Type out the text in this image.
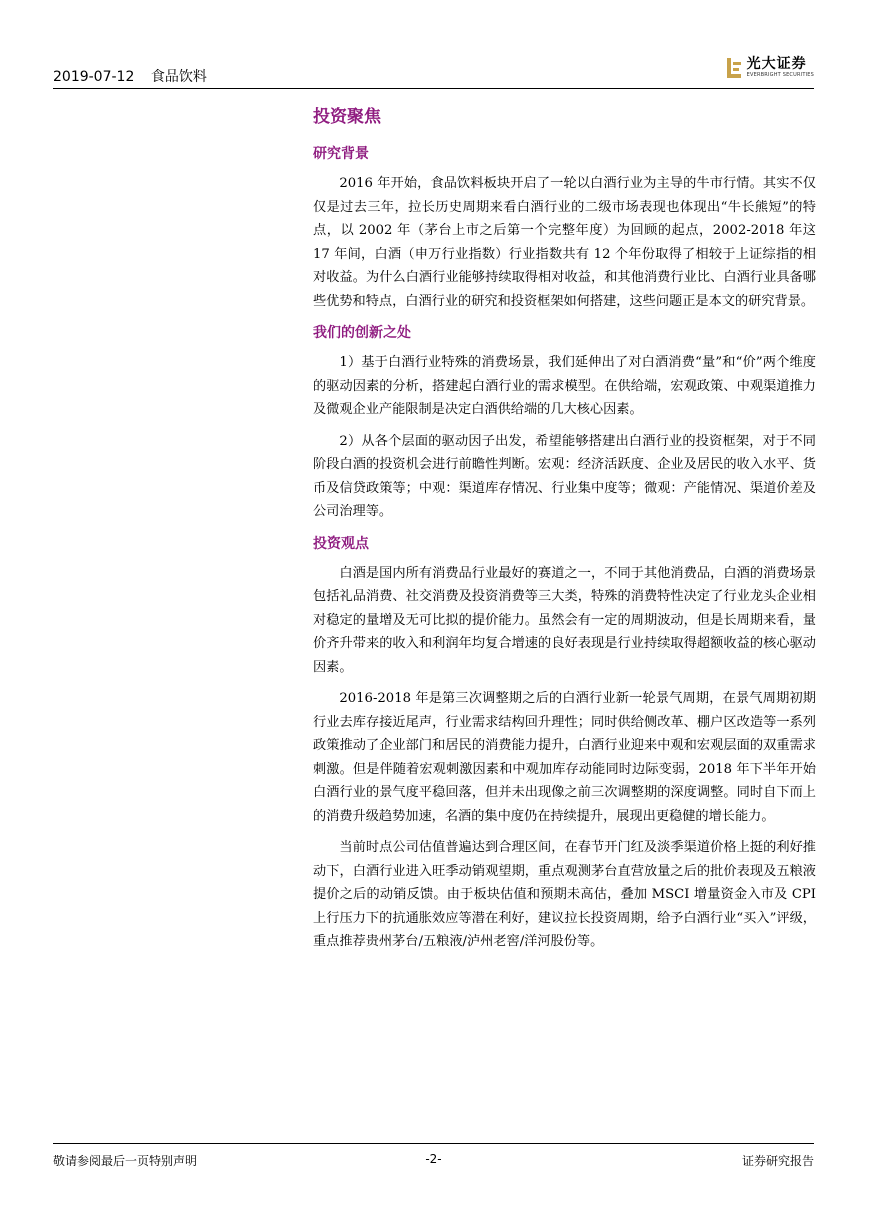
2019-07-12 食品饮料
光大证券
EVERBRIGHT SECURITIES
投资聚焦
研究背景

2016 年开始，食品饮料板块开启了一轮以白酒行业为主导的牛市行情。其实不仅仅是过去三年，拉长历史周期来看白酒行业的二级市场表现也体现出“牛长熊短”的特点，以 2002 年（茅台上市之后第一个完整年度）为回顾的起点，2002-2018 年这 17 年间，白酒（申万行业指数）行业指数共有 12 个年份取得了相较于上证综指的相对收益。为什么白酒行业能够持续取得相对收益，和其他消费行业比、白酒行业具备哪些优势和特点，白酒行业的研究和投资框架如何搭建，这些问题正是本文的研究背景。

我们的创新之处

1）基于白酒行业特殊的消费场景，我们延伸出了对白酒消费“量”和“价”两个维度的驱动因素的分析，搭建起白酒行业的需求模型。在供给端，宏观政策、中观渠道推力及微观企业产能限制是决定白酒供给端的几大核心因素。

2）从各个层面的驱动因子出发，希望能够搭建出白酒行业的投资框架，对于不同阶段白酒的投资机会进行前瞻性判断。宏观：经济活跃度、企业及居民的收入水平、货币及信贷政策等；中观：渠道库存情况、行业集中度等；微观：产能情况、渠道价差及公司治理等。

投资观点

白酒是国内所有消费品行业最好的赛道之一，不同于其他消费品，白酒的消费场景包括礼品消费、社交消费及投资消费等三大类，特殊的消费特性决定了行业龙头企业相对稳定的量增及无可比拟的提价能力。虽然会有一定的周期波动，但是长周期来看，量价齐升带来的收入和利润年均复合增速的良好表现是行业持续取得超额收益的核心驱动因素。

2016-2018 年是第三次调整期之后的白酒行业新一轮景气周期，在景气周期初期行业去库存接近尾声，行业需求结构回升理性；同时供给侧改革、棚户区改造等一系列政策推动了企业部门和居民的消费能力提升，白酒行业迎来中观和宏观层面的双重需求刺激。但是伴随着宏观刺激因素和中观加库存动能同时边际变弱，2018 年下半年开始白酒行业的景气度平稳回落，但并未出现像之前三次调整期的深度调整。同时自下而上的消费升级趋势加速，名酒的集中度仍在持续提升，展现出更稳健的增长能力。

当前时点公司估值普遍达到合理区间，在春节开门红及淡季渠道价格上挺的利好推动下，白酒行业进入旺季动销观望期，重点观测茅台直营放量之后的批价表现及五粮液提价之后的动销反馈。由于板块估值和预期未高估，叠加 MSCI 增量资金入市及 CPI 上行压力下的抗通胀效应等潜在利好，建议拉长投资周期，给予白酒行业“买入”评级，重点推荐贵州茅台/五粮液/泸州老窖/洋河股份等。

敬请参阅最后一页特别声明	-2-	证券研究报告
